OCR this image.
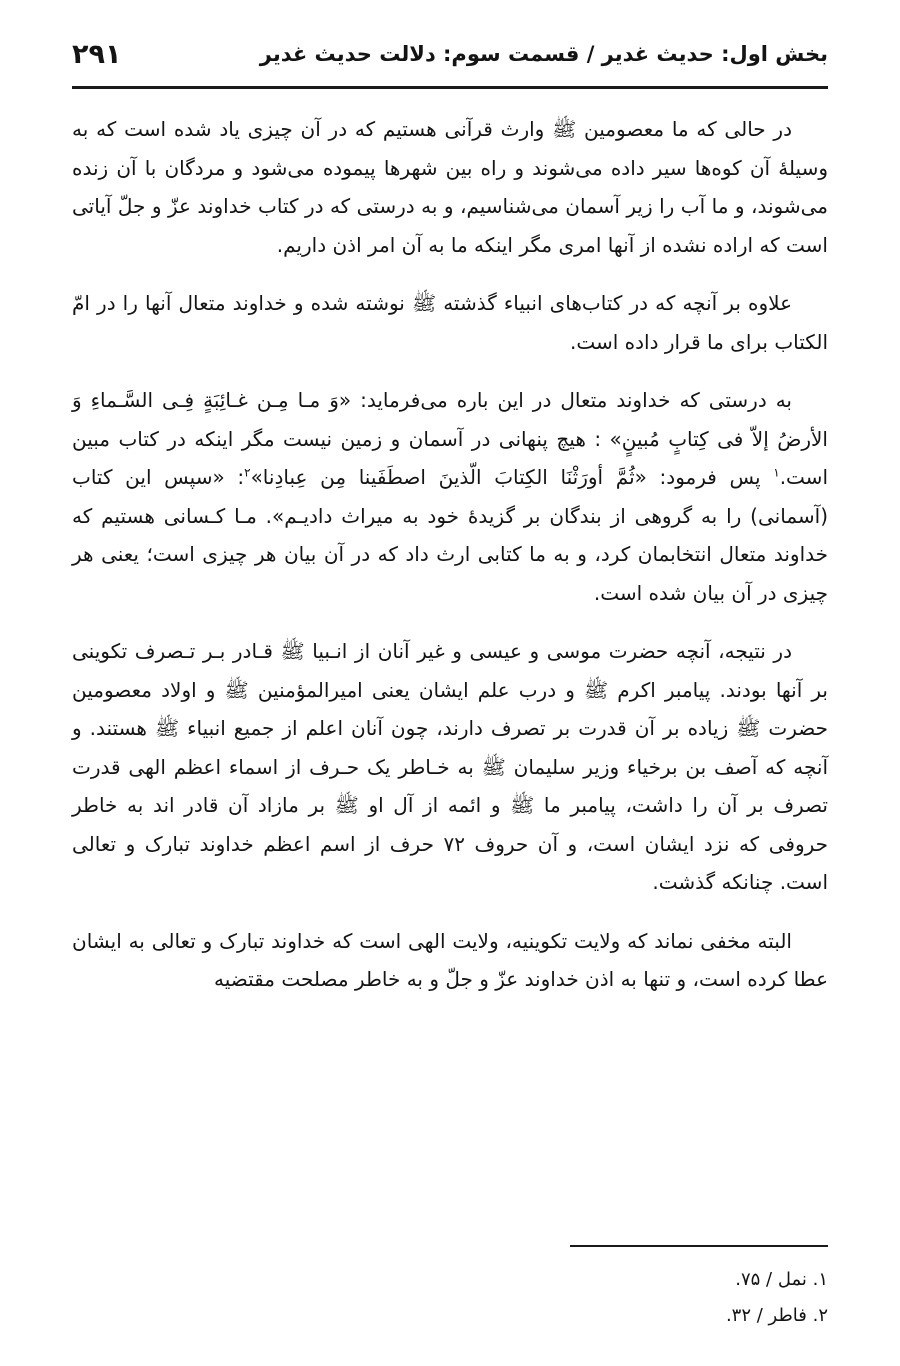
بخش اول: حدیث غدیر / قسمت سوم: دلالت حدیث غدیر
۲۹۱

در حالی که ما معصومین ﷺ وارث قرآنی هستیم که در آن چیزی یاد شده است که به وسیلهٔ آن کوه‌ها سیر داده می‌شوند و راه بین شهرها پیموده می‌شود و مردگان با آن زنده می‌شوند، و ما آب را زیر آسمان می‌شناسیم، و به درستی که در کتاب خداوند عزّ و جلّ آیاتی است که اراده نشده از آنها امری مگر اینکه ما به آن امر اذن داریم.

علاوه بر آنچه که در کتاب‌های انبیاء گذشته ﷺ نوشته شده و خداوند متعال آنها را در امّ الکتاب برای ما قرار داده است.

به درستی که خداوند متعال در این باره می‌فرماید: «وَ مـا مِـن غـائِبَةٍ فِـی السَّـماءِ وَ الأرضُ إلاّ فی کِتابٍ مُبینٍ» : هیچ پنهانی در آسمان و زمین نیست مگر اینکه در کتاب مبین است.$^۱$ پس فرمود: «ثُمَّ أورَثْنَا الکِتابَ الّذینَ اصطَفَینا مِن عِبادِنا»$^۲$: «سپس این کتاب (آسمانی) را به گروهی از بندگان بر گزیدهٔ خود به میراث دادیـم». مـا کـسانی هستیم که خداوند متعال انتخابمان کرد، و به ما کتابی ارث داد که در آن بیان هر چیزی است؛ یعنی هر چیزی در آن بیان شده است.

در نتیجه، آنچه حضرت موسی و عیسی و غیر آنان از انـبیا ﷺ قـادر بـر تـصرف تکوینی بر آنها بودند. پیامبر اکرم ﷺ و درب علم ایشان یعنی امیرالمؤمنین ﷺ و اولاد معصومین حضرت ﷺ زیاده بر آن قدرت بر تصرف دارند، چون آنان اعلم از جمیع انبیاء ﷺ هستند. و آنچه که آصف بن برخیاء وزیر سلیمان ﷺ به خـاطر یک حـرف از اسماء اعظم الهی قدرت تصرف بر آن را داشت، پیامبر ما ﷺ و ائمه از آل او ﷺ بر مازاد آن قادر اند به خاطر حروفی که نزد ایشان است، و آن حروف ۷۲ حرف از اسم اعظم خداوند تبارک و تعالی است. چنانکه گذشت.

البته مخفی نماند که ولایت تکوینیه، ولایت الهی است که خداوند تبارک و تعالی به ایشان عطا کرده است، و تنها به اذن خداوند عزّ و جلّ و به خاطر مصلحت مقتضیه

۱. نمل / ۷۵.
۲. فاطر / ۳۲.
